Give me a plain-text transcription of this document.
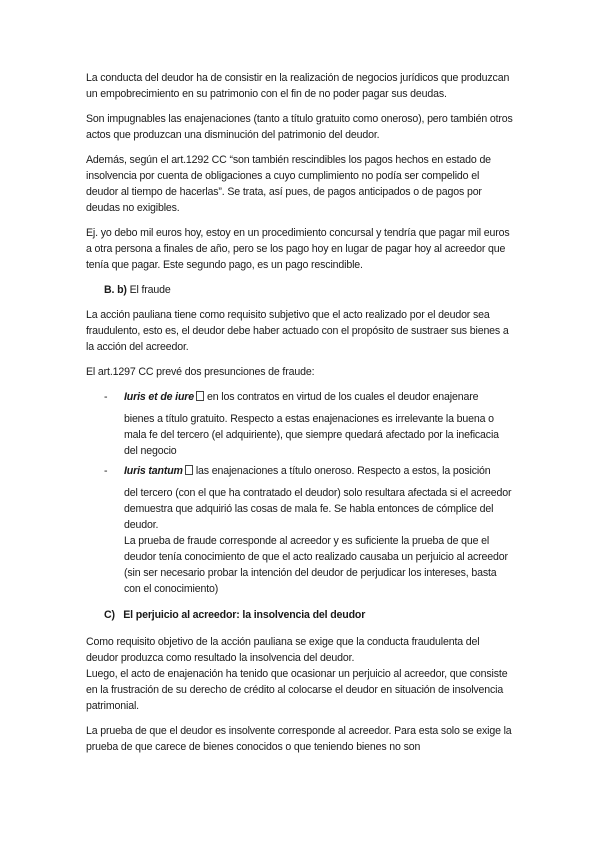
La conducta del deudor ha de consistir en la realización de negocios jurídicos que produzcan un empobrecimiento en su patrimonio con el fin de no poder pagar sus deudas.

Son impugnables las enajenaciones (tanto a título gratuito como oneroso), pero también otros actos que produzcan una disminución del patrimonio del deudor.

Además, según el art.1292 CC “son también rescindibles los pagos hechos en estado de insolvencia por cuenta de obligaciones a cuyo cumplimiento no podía ser compelido el deudor al tiempo de hacerlas”. Se trata, así pues, de pagos anticipados o de pagos por deudas no exigibles.

Ej. yo debo mil euros hoy, estoy en un procedimiento concursal y tendría que pagar mil euros a otra persona a finales de año, pero se los pago hoy en lugar de pagar hoy al acreedor que tenía que pagar. Este segundo pago, es un pago rescindible.

B. b) El fraude

La acción pauliana tiene como requisito subjetivo que el acto realizado por el deudor sea fraudulento, esto es, el deudor debe haber actuado con el propósito de sustraer sus bienes a la acción del acreedor.

El art.1297 CC prevé dos presunciones de fraude:

- Iuris et de iure en los contratos en virtud de los cuales el deudor enajenare
bienes a título gratuito. Respecto a estas enajenaciones es irrelevante la buena o mala fe del tercero (el adquiriente), que siempre quedará afectado por la ineficacia del negocio
- Iuris tantum las enajenaciones a título oneroso. Respecto a estos, la posición
del tercero (con el que ha contratado el deudor) solo resultara afectada si el acreedor demuestra que adquirió las cosas de mala fe. Se habla entonces de cómplice del deudor.
La prueba de fraude corresponde al acreedor y es suficiente la prueba de que el deudor tenía conocimiento de que el acto realizado causaba un perjuicio al acreedor (sin ser necesario probar la intención del deudor de perjudicar los intereses, basta con el conocimiento)
C)   El perjuicio al acreedor: la insolvencia del deudor

Como requisito objetivo de la acción pauliana se exige que la conducta fraudulenta del deudor produzca como resultado la insolvencia del deudor.
Luego, el acto de enajenación ha tenido que ocasionar un perjuicio al acreedor, que consiste en la frustración de su derecho de crédito al colocarse el deudor en situación de insolvencia patrimonial.

La prueba de que el deudor es insolvente corresponde al acreedor. Para esta solo se exige la prueba de que carece de bienes conocidos o que teniendo bienes no son
